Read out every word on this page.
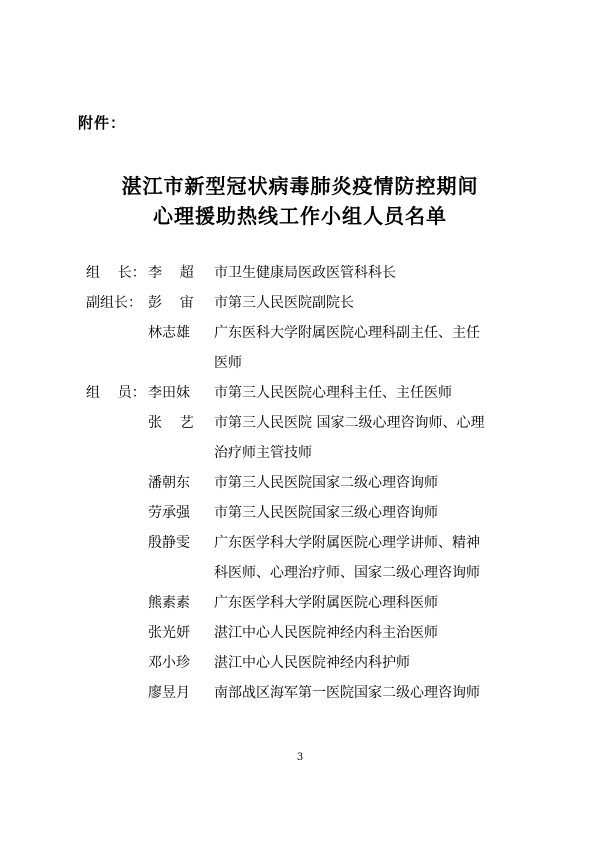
附件：
湛江市新型冠状病毒肺炎疫情防控期间
心理援助热线工作小组人员名单
组    长： 李    超 市卫生健康局医政医管科科长
副组长： 彭    宙 市第三人民医院副院长
林志雄 广东医科大学附属医院心理科副主任、主任
医师
组    员： 李田妹 市第三人民医院心理科主任、主任医师
张    艺 市第三人民医院 国家二级心理咨询师、心理
治疗师主管技师
潘朝东 市第三人民医院国家二级心理咨询师
劳承强 市第三人民医院国家三级心理咨询师
殷静雯 广东医学科大学附属医院心理学讲师、精神
科医师、心理治疗师、国家二级心理咨询师
熊素素 广东医学科大学附属医院心理科医师
张光妍 湛江中心人民医院神经内科主治医师
邓小珍 湛江中心人民医院神经内科护师
廖昱月 南部战区海军第一医院国家二级心理咨询师
3
